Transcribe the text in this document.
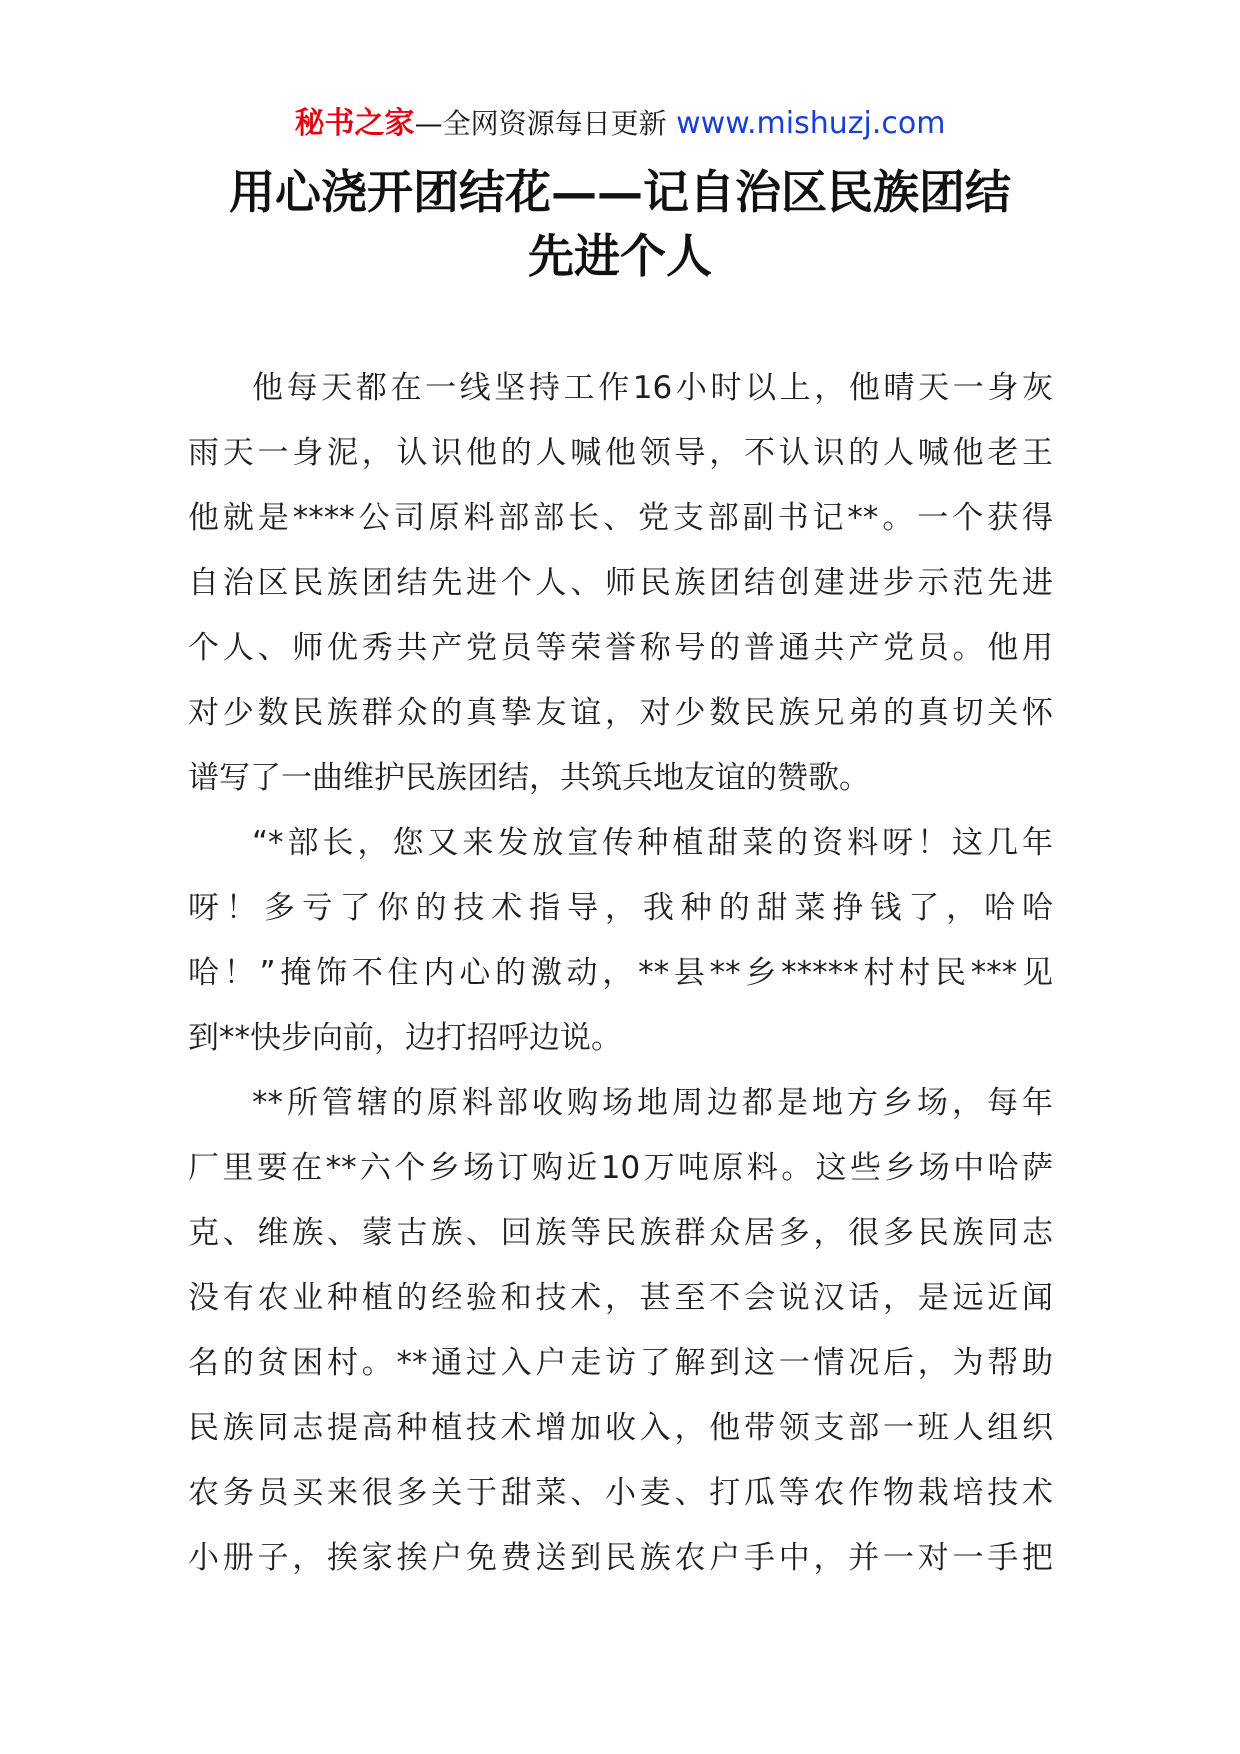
秘书之家—全网资源每日更新 www.mishuzj.com
用心浇开团结花——记自治区民族团结
先进个人
他每天都在一线坚持工作16小时以上，他晴天一身灰
雨天一身泥，认识他的人喊他领导，不认识的人喊他老王
他就是****公司原料部部长、党支部副书记**。一个获得
自治区民族团结先进个人、师民族团结创建进步示范先进
个人、师优秀共产党员等荣誉称号的普通共产党员。他用
对少数民族群众的真挚友谊，对少数民族兄弟的真切关怀
谱写了一曲维护民族团结，共筑兵地友谊的赞歌。
“*部长，您又来发放宣传种植甜菜的资料呀！这几年
呀！多亏了你的技术指导，我种的甜菜挣钱了，哈哈
哈！”掩饰不住内心的激动，**县**乡*****村村民***见
到**快步向前，边打招呼边说。
**所管辖的原料部收购场地周边都是地方乡场，每年
厂里要在**六个乡场订购近10万吨原料。这些乡场中哈萨
克、维族、蒙古族、回族等民族群众居多，很多民族同志
没有农业种植的经验和技术，甚至不会说汉话，是远近闻
名的贫困村。**通过入户走访了解到这一情况后，为帮助
民族同志提高种植技术增加收入，他带领支部一班人组织
农务员买来很多关于甜菜、小麦、打瓜等农作物栽培技术
小册子，挨家挨户免费送到民族农户手中，并一对一手把
